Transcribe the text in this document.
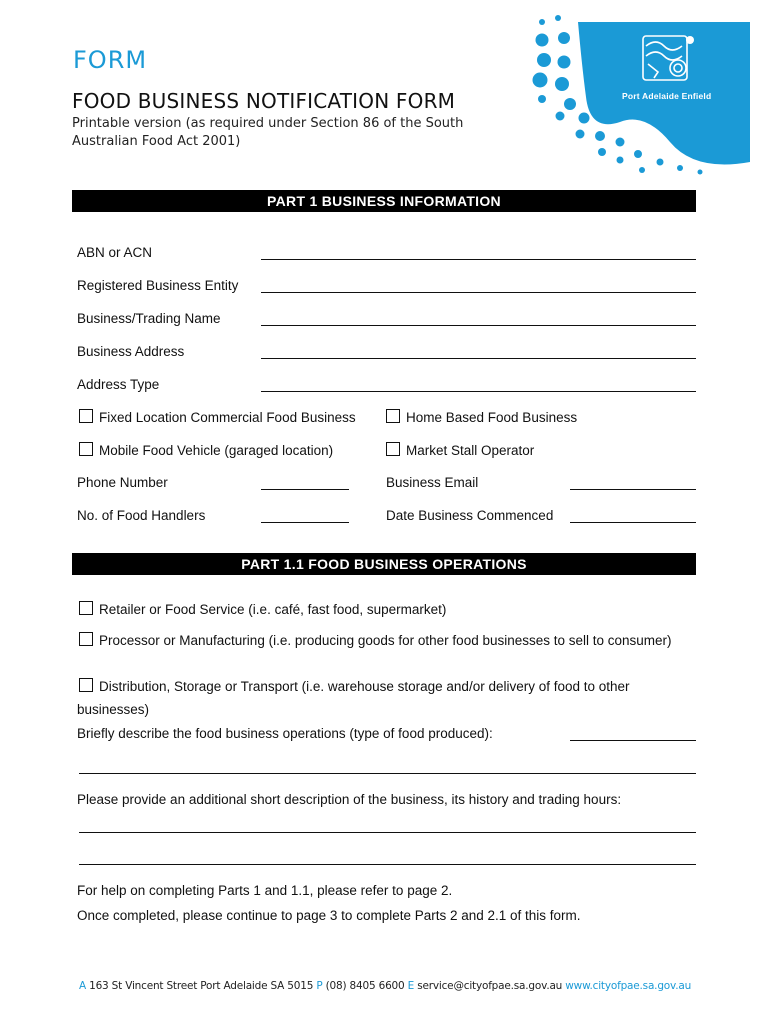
FORM
FOOD BUSINESS NOTIFICATION FORM
Printable version (as required under Section 86 of the South Australian Food Act 2001)
Port Adelaide Enfield
PART 1 BUSINESS INFORMATION
ABN or ACN
Registered Business Entity
Business/Trading Name
Business Address
Address Type
Fixed Location Commercial Food Business	Home Based Food Business
Mobile Food Vehicle (garaged location)	Market Stall Operator
Phone Number	Business Email
No. of Food Handlers	Date Business Commenced
PART 1.1 FOOD BUSINESS OPERATIONS
Retailer or Food Service (i.e. café, fast food, supermarket)
Processor or Manufacturing (i.e. producing goods for other food businesses to sell to consumer)
Distribution, Storage or Transport (i.e. warehouse storage and/or delivery of food to other businesses)
Briefly describe the food business operations (type of food produced):
Please provide an additional short description of the business, its history and trading hours:
For help on completing Parts 1 and 1.1, please refer to page 2.
Once completed, please continue to page 3 to complete Parts 2 and 2.1 of this form.
A 163 St Vincent Street Port Adelaide SA 5015 P (08) 8405 6600 E service@cityofpae.sa.gov.au www.cityofpae.sa.gov.au
